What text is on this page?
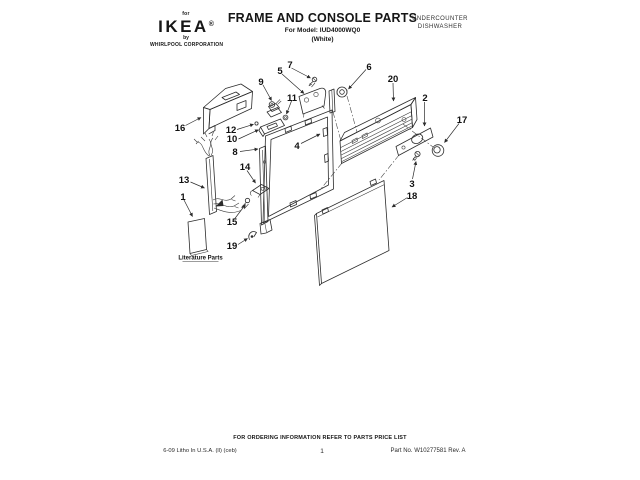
for
IKEA®
by
WHIRLPOOL CORPORATION
FRAME AND CONSOLE PARTS
For Model: IUD4000WQ0
(White)
UNDERCOUNTER
DISHWASHER
Literature Parts
1
2
3
4
5	6
7
8
9
10
11
12
13
14
15
16
17
18
19
20
FOR ORDERING INFORMATION REFER TO PARTS PRICE LIST
6-09 Litho In U.S.A. (ll) (ceb)	1	Part No. W10277581 Rev. A
